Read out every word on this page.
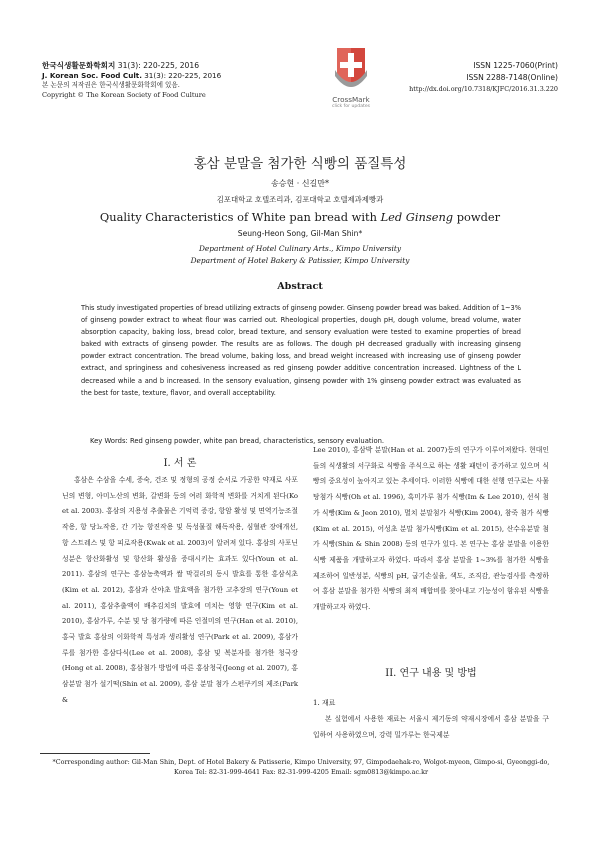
한국식생활문화학회지 31(3): 220-225, 2016
J. Korean Soc. Food Cult. 31(3): 220-225, 2016
본 논문의 저작권은 한국식생활문화학회에 있음.
Copyright © The Korean Society of Food Culture
CrossMark
click for updates
ISSN 1225-7060(Print)
ISSN 2288-7148(Online)
http://dx.doi.org/10.7318/KJFC/2016.31.3.220
홍삼 분말을 첨가한 식빵의 품질특성
송승현 · 신길만*
김포대학교 호텔조리과, 김포대학교 호텔제과제빵과
Quality Characteristics of White pan bread with Led Ginseng powder
Seung-Heon Song, Gil-Man Shin*
Department of Hotel Culinary Arts., Kimpo University
Department of Hotel Bakery & Patissier, Kimpo University
Abstract
This study investigated properties of bread utilizing extracts of ginseng powder. Ginseng powder bread was baked. Addition of 1~3% of ginseng powder extract to wheat flour was carried out. Rheological properties, dough pH, dough volume, bread volume, water absorption capacity, baking loss, bread color, bread texture, and sensory evaluation were tested to examine properties of bread baked with extracts of ginseng powder. The results are as follows. The dough pH decreased gradually with increasing ginseng powder extract concentration. The bread volume, baking loss, and bread weight increased with increasing use of ginseng powder extract, and springiness and cohesiveness increased as red ginseng powder additive concentration increased. Lightness of the L decreased while a and b increased. In the sensory evaluation, ginseng powder with 1% ginseng powder extract was evaluated as the best for taste, texture, flavor, and overall acceptability.
Key Words: Red ginseng powder, white pan bread, characteristics, sensory evaluation.
I. 서 론

홍삼은 수삼을 수세, 증숙, 건조 및 정형의 공정 순서로 가공한 약재로 사포닌의 변형, 아미노산의 변화, 갈변화 등의 여러 화학적 변화를 거치게 된다(Ko et al. 2003). 홍삼의 지용성 추출물은 기억력 증강, 항암 활성 및 면역기능조절작용, 항 당뇨작용, 간 기능 항진작용 및 독성물질 해독작용, 심혈관 장애개선, 항 스트레스 및 항 피로작용(Kwak et al. 2003)이 알려져 있다. 홍삼의 사포닌 성분은 항산화활성 및 항산화 활성을 증대시키는 효과도 있다(Youn et al. 2011). 홍삼의 연구는 홍삼농축액과 쌀 막걸리의 동시 발효를 통한 홍삼식초(Kim et al. 2012), 홍삼과 산야초 발효액을 첨가한 고추장의 연구(Youn et al. 2011), 홍삼추출액이 배추김치의 발효에 미치는 영향 연구(Kim et al. 2010), 홍삼가루, 수분 및 당 첨가량에 따른 인절미의 연구(Han et al. 2010), 홍국 발효 홍삼의 이화학적 특성과 생리활성 연구(Park et al. 2009), 홍삼가루를 첨가한 홍삼다식(Lee et al. 2008), 홍삼 및 복분자를 첨가한 청국장(Hong et al. 2008), 홍삼첨가 방법에 따른 홍삼청국(Jeong et al. 2007), 홍삼분말 첨가 설기떡(Shin et al. 2009), 홍삼 분말 첨가 스펀쿠키의 제조(Park &

Lee 2010), 홍삼박 분말(Han et al. 2007)등의 연구가 이루어져왔다. 현대인들의 식생활의 서구화로 식빵을 주식으로 하는 생활 패턴이 증가하고 있으며 식빵의 중요성이 높아지고 있는 추세이다. 이러한 식빵에 대한 선행 연구로는 사물탕첨가 식빵(Oh et al. 1996), 흑미가루 첨가 식빵(Im & Lee 2010), 선식 첨가 식빵(Kim & Jeon 2010), 멸치 분말첨가 식빵(Kim 2004), 참죽 첨가 식빵(Kim et al. 2015), 어성초 분말 첨가식빵(Kim et al. 2015), 산수유분말 첨가 식빵(Shin & Shin 2008) 등의 연구가 있다. 본 연구는 홍삼 분말을 이용한 식빵 제품을 개발하고자 하였다. 따라서 홍삼 분말을 1~3%를 첨가한 식빵을 제조하여 일반성분, 식빵의 pH, 굽기손실율, 색도, 조직감, 관능검사를 측정하여 홍삼 분말을 첨가한 식빵의 최적 배합비를 찾아내고 기능성이 함유된 식빵을 개발하고자 하였다.

II. 연구 내용 및 방법
1. 재료

본 실험에서 사용한 재료는 서울시 제기동의 약재시장에서 홍삼 분말을 구입하여 사용하였으며, 강력 밀가루는 한국제분

*Corresponding author: Gil-Man Shin, Dept. of Hotel Bakery & Patisserie, Kimpo University, 97, Gimpodaehak-ro, Wolgot-myeon, Gimpo-si, Gyeonggi-do,
Korea Tel: 82-31-999-4641 Fax: 82-31-999-4205 Email: sgm0813@kimpo.ac.kr
